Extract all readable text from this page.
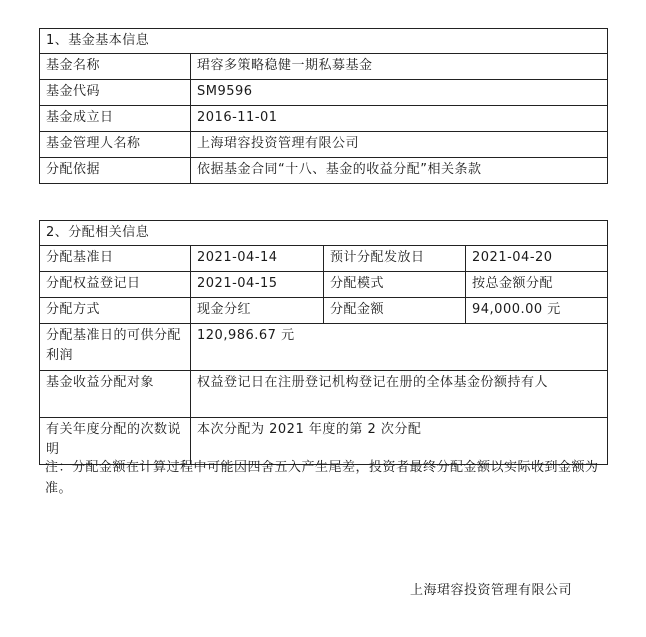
1、基金基本信息	
基金名称	珺容多策略稳健一期私募基金
基金代码	SM9596
基金成立日	2016-11-01
基金管理人名称	上海珺容投资管理有限公司
分配依据	依据基金合同“十八、基金的收益分配”相关条款
2、分配相关信息			
分配基准日	2021-04-14	预计分配发放日	2021-04-20
分配权益登记日	2021-04-15	分配模式	按总金额分配
分配方式	现金分红	分配金额	94,000.00 元
分配基准日的可供分配利润	120,986.67 元		
基金收益分配对象	权益登记日在注册登记机构登记在册的全体基金份额持有人		
有关年度分配的次数说明	本次分配为 2021 年度的第 2 次分配		

注：分配金额在计算过程中可能因四舍五入产生尾差，投资者最终分配金额以实际收到金额为准。

上海珺容投资管理有限公司
